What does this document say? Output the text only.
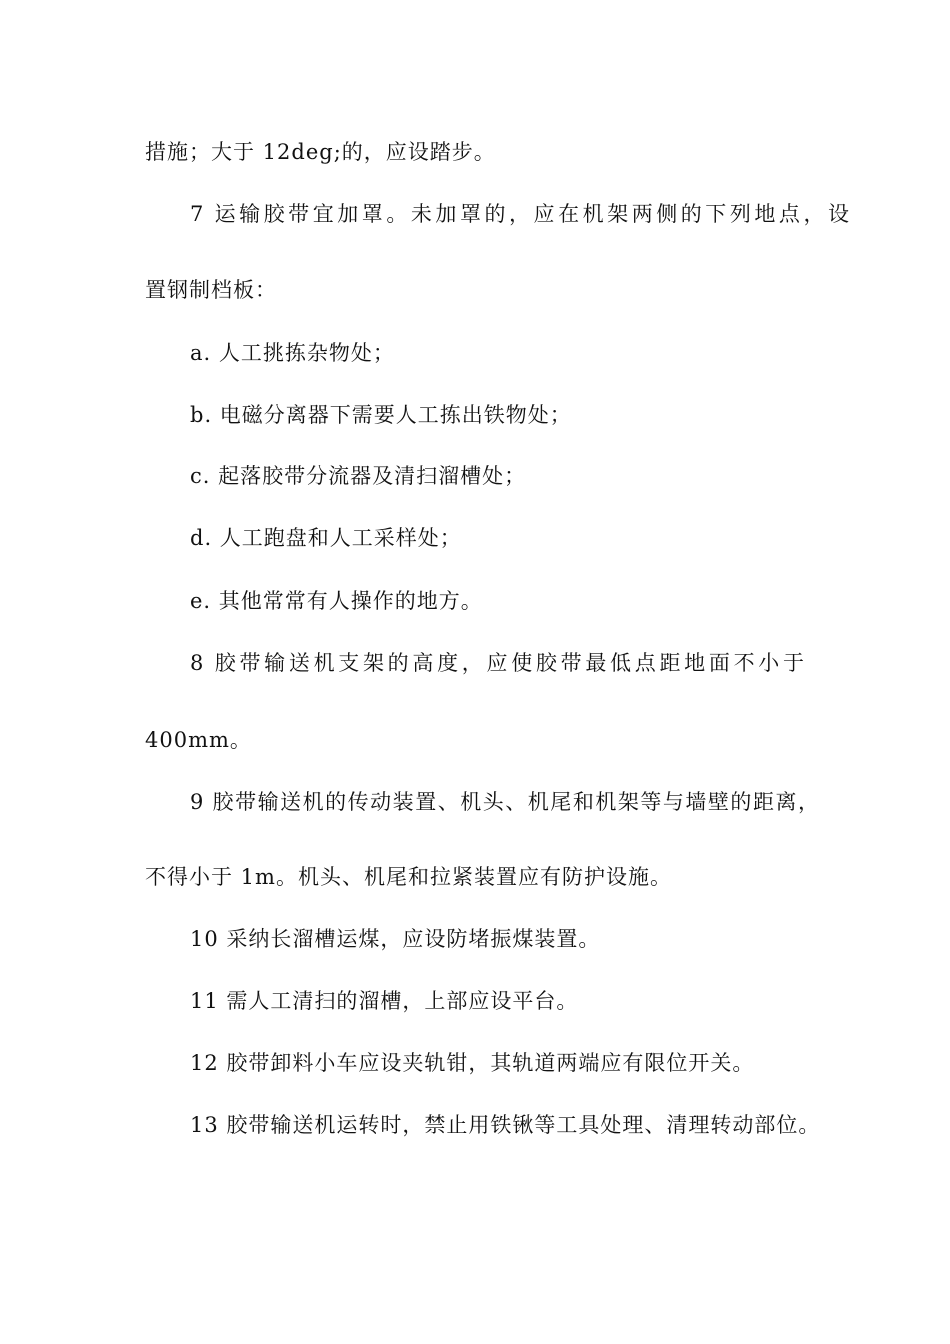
措施；大于 12deg;的，应设踏步。
7 运输胶带宜加罩。未加罩的，应在机架两侧的下列地点，设
置钢制档板：
a. 人工挑拣杂物处；
b. 电磁分离器下需要人工拣出铁物处；
c. 起落胶带分流器及清扫溜槽处；
d. 人工跑盘和人工采样处；
e. 其他常常有人操作的地方。
8 胶带输送机支架的高度，应使胶带最低点距地面不小于
400mm。
9 胶带输送机的传动装置、机头、机尾和机架等与墙壁的距离，
不得小于 1m。机头、机尾和拉紧装置应有防护设施。
10 采纳长溜槽运煤，应设防堵振煤装置。
11 需人工清扫的溜槽，上部应设平台。
12 胶带卸料小车应设夹轨钳，其轨道两端应有限位开关。
13 胶带输送机运转时，禁止用铁锹等工具处理、清理转动部位。
